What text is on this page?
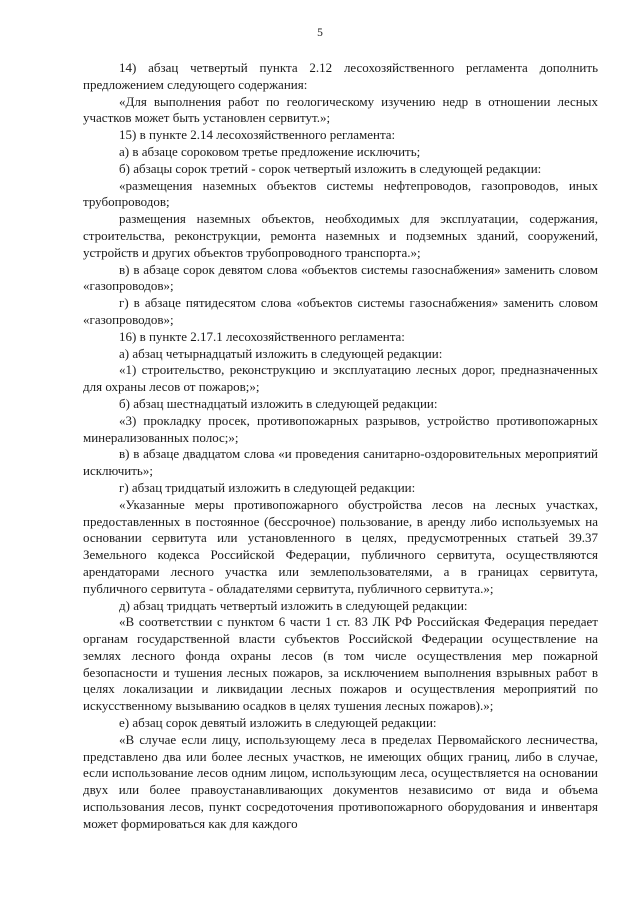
5

14) абзац четвертый пункта 2.12 лесохозяйственного регламента дополнить предложением следующего содержания:

«Для выполнения работ по геологическому изучению недр в отношении лесных участков может быть установлен сервитут.»;

15) в пункте 2.14 лесохозяйственного регламента:

а) в абзаце сороковом третье предложение исключить;

б) абзацы сорок третий - сорок четвертый изложить в следующей редакции:

«размещения наземных объектов системы нефтепроводов, газопроводов, иных трубопроводов;

размещения наземных объектов, необходимых для эксплуатации, содержания, строительства, реконструкции, ремонта наземных и подземных зданий, сооружений, устройств и других объектов трубопроводного транспорта.»;

в) в абзаце сорок девятом слова «объектов системы газоснабжения» заменить словом «газопроводов»;

г) в абзаце пятидесятом слова «объектов системы газоснабжения» заменить словом «газопроводов»;

16) в пункте 2.17.1 лесохозяйственного регламента:

а) абзац четырнадцатый изложить в следующей редакции:

«1) строительство, реконструкцию и эксплуатацию лесных дорог, предназначенных для охраны лесов от пожаров;»;

б) абзац шестнадцатый изложить в следующей редакции:

«3) прокладку просек, противопожарных разрывов, устройство противопожарных минерализованных полос;»;

в) в абзаце двадцатом слова «и проведения санитарно-оздоровительных мероприятий исключить»;

г) абзац тридцатый изложить в следующей редакции:

«Указанные меры противопожарного обустройства лесов на лесных участках, предоставленных в постоянное (бессрочное) пользование, в аренду либо используемых на основании сервитута или установленного в целях, предусмотренных статьей 39.37 Земельного кодекса Российской Федерации, публичного сервитута, осуществляются арендаторами лесного участка или землепользователями, а в границах сервитута, публичного сервитута - обладателями сервитута, публичного сервитута.»;

д) абзац тридцать четвертый изложить в следующей редакции:

«В соответствии с пунктом 6 части 1 ст. 83 ЛК РФ Российская Федерация передает органам государственной власти субъектов Российской Федерации осуществление на землях лесного фонда охраны лесов (в том числе осуществления мер пожарной безопасности и тушения лесных пожаров, за исключением выполнения взрывных работ в целях локализации и ликвидации лесных пожаров и осуществления мероприятий по искусственному вызыванию осадков в целях тушения лесных пожаров).»;

е) абзац сорок девятый изложить в следующей редакции:

«В случае если лицу, использующему леса в пределах Первомайского лесничества, представлено два или более лесных участков, не имеющих общих границ, либо в случае, если использование лесов одним лицом, использующим леса, осуществляется на основании двух или более правоустанавливающих документов независимо от вида и объема использования лесов, пункт сосредоточения противопожарного оборудования и инвентаря может формироваться как для каждого
